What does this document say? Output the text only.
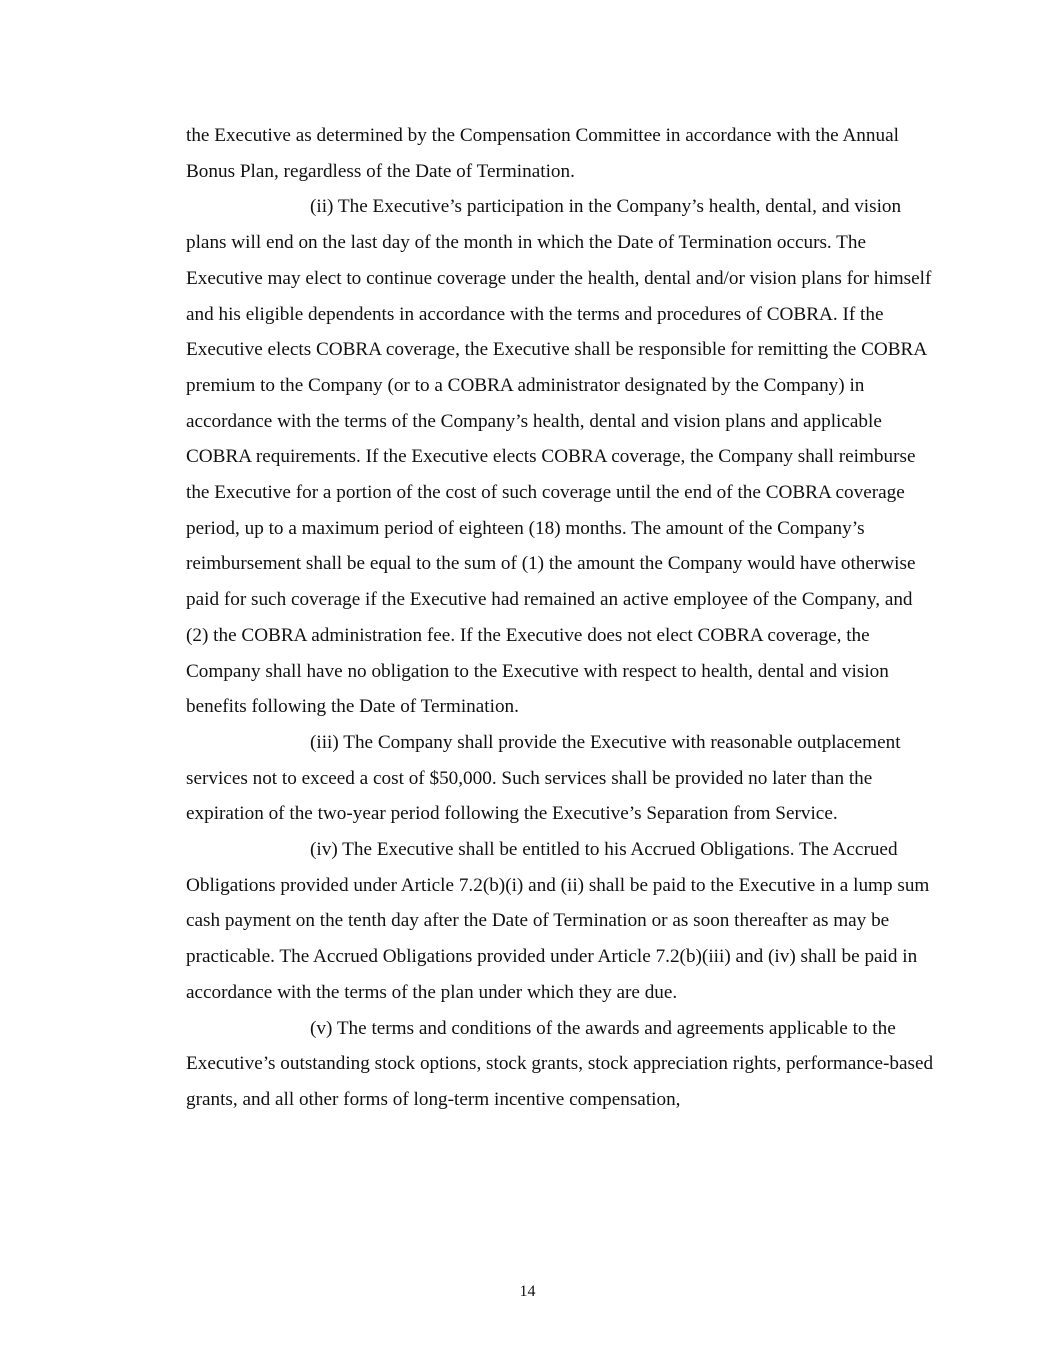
the Executive as determined by the Compensation Committee in accordance with the Annual Bonus Plan, regardless of the Date of Termination.

(ii) The Executive’s participation in the Company’s health, dental, and vision plans will end on the last day of the month in which the Date of Termination occurs. The Executive may elect to continue coverage under the health, dental and/or vision plans for himself and his eligible dependents in accordance with the terms and procedures of COBRA. If the Executive elects COBRA coverage, the Executive shall be responsible for remitting the COBRA premium to the Company (or to a COBRA administrator designated by the Company) in accordance with the terms of the Company’s health, dental and vision plans and applicable COBRA requirements. If the Executive elects COBRA coverage, the Company shall reimburse the Executive for a portion of the cost of such coverage until the end of the COBRA coverage period, up to a maximum period of eighteen (18) months. The amount of the Company’s reimbursement shall be equal to the sum of (1) the amount the Company would have otherwise paid for such coverage if the Executive had remained an active employee of the Company, and (2) the COBRA administration fee. If the Executive does not elect COBRA coverage, the Company shall have no obligation to the Executive with respect to health, dental and vision benefits following the Date of Termination.

(iii) The Company shall provide the Executive with reasonable outplacement services not to exceed a cost of $50,000. Such services shall be provided no later than the expiration of the two-year period following the Executive’s Separation from Service.

(iv) The Executive shall be entitled to his Accrued Obligations. The Accrued Obligations provided under Article 7.2(b)(i) and (ii) shall be paid to the Executive in a lump sum cash payment on the tenth day after the Date of Termination or as soon thereafter as may be practicable. The Accrued Obligations provided under Article 7.2(b)(iii) and (iv) shall be paid in accordance with the terms of the plan under which they are due.

(v) The terms and conditions of the awards and agreements applicable to the Executive’s outstanding stock options, stock grants, stock appreciation rights, performance-based grants, and all other forms of long-term incentive compensation,

14
